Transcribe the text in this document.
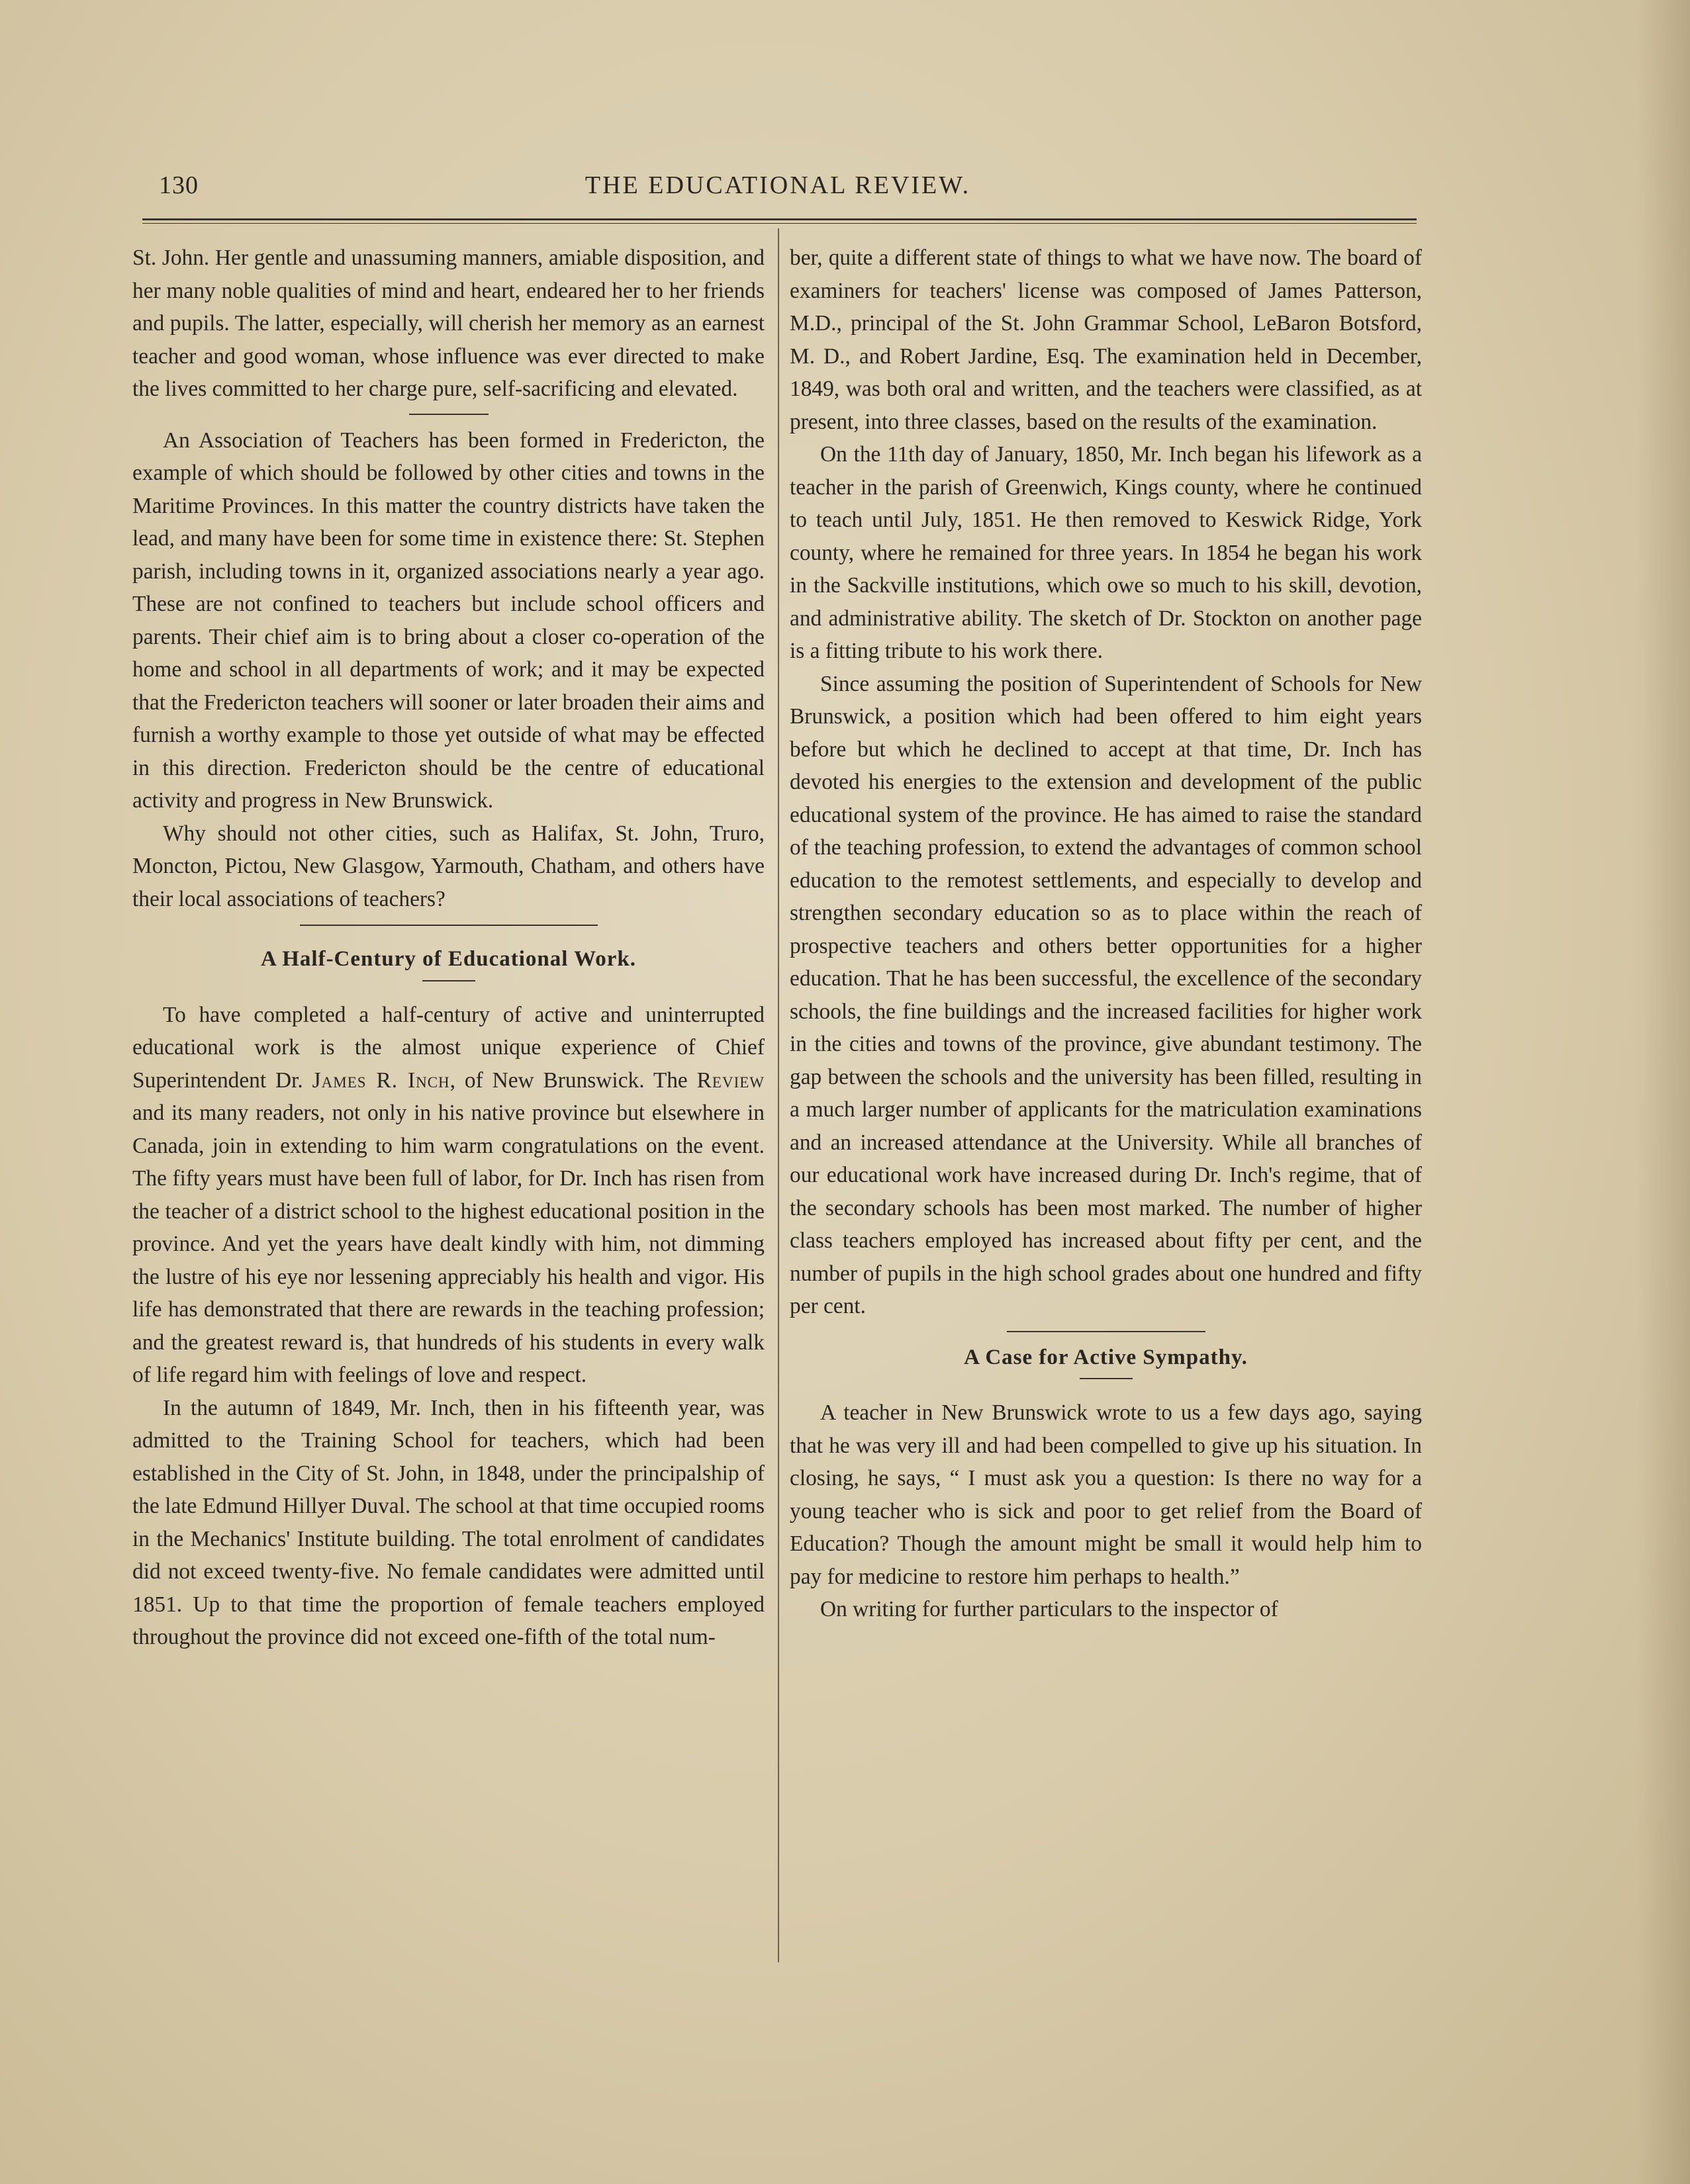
130	THE EDUCATIONAL REVIEW.

St. John. Her gentle and unassuming manners, amiable disposition, and her many noble qualities of mind and heart, endeared her to her friends and pupils. The latter, especially, will cherish her memory as an earnest teacher and good woman, whose influence was ever directed to make the lives committed to her charge pure, self-sacrificing and elevated.

An Association of Teachers has been formed in Fredericton, the example of which should be followed by other cities and towns in the Maritime Provinces. In this matter the country districts have taken the lead, and many have been for some time in existence there: St. Stephen parish, including towns in it, organized associations nearly a year ago. These are not confined to teachers but include school officers and parents. Their chief aim is to bring about a closer co-operation of the home and school in all departments of work; and it may be expected that the Fredericton teachers will sooner or later broaden their aims and furnish a worthy example to those yet outside of what may be effected in this direction. Fredericton should be the centre of educational activity and progress in New Brunswick.

Why should not other cities, such as Halifax, St. John, Truro, Moncton, Pictou, New Glasgow, Yarmouth, Chatham, and others have their local associations of teachers?

A Half-Century of Educational Work.

To have completed a half-century of active and uninterrupted educational work is the almost unique experience of Chief Superintendent Dr. James R. Inch, of New Brunswick. The Review and its many readers, not only in his native province but elsewhere in Canada, join in extending to him warm congratulations on the event. The fifty years must have been full of labor, for Dr. Inch has risen from the teacher of a district school to the highest educational position in the province. And yet the years have dealt kindly with him, not dimming the lustre of his eye nor lessening appreciably his health and vigor. His life has demonstrated that there are rewards in the teaching profession; and the greatest reward is, that hundreds of his students in every walk of life regard him with feelings of love and respect.

In the autumn of 1849, Mr. Inch, then in his fifteenth year, was admitted to the Training School for teachers, which had been established in the City of St. John, in 1848, under the principalship of the late Edmund Hillyer Duval. The school at that time occupied rooms in the Mechanics' Institute building. The total enrolment of candidates did not exceed twenty-five. No female candidates were admitted until 1851. Up to that time the proportion of female teachers employed throughout the province did not exceed one-fifth of the total num-

ber, quite a different state of things to what we have now. The board of examiners for teachers' license was composed of James Patterson, M.D., principal of the St. John Grammar School, LeBaron Botsford, M. D., and Robert Jardine, Esq. The examination held in December, 1849, was both oral and written, and the teachers were classified, as at present, into three classes, based on the results of the examination.

On the 11th day of January, 1850, Mr. Inch began his lifework as a teacher in the parish of Greenwich, Kings county, where he continued to teach until July, 1851. He then removed to Keswick Ridge, York county, where he remained for three years. In 1854 he began his work in the Sackville institutions, which owe so much to his skill, devotion, and administrative ability. The sketch of Dr. Stockton on another page is a fitting tribute to his work there.

Since assuming the position of Superintendent of Schools for New Brunswick, a position which had been offered to him eight years before but which he declined to accept at that time, Dr. Inch has devoted his energies to the extension and development of the public educational system of the province. He has aimed to raise the standard of the teaching profession, to extend the advantages of common school education to the remotest settlements, and especially to develop and strengthen secondary education so as to place within the reach of prospective teachers and others better opportunities for a higher education. That he has been successful, the excellence of the secondary schools, the fine buildings and the increased facilities for higher work in the cities and towns of the province, give abundant testimony. The gap between the schools and the university has been filled, resulting in a much larger number of applicants for the matriculation examinations and an increased attendance at the University. While all branches of our educational work have increased during Dr. Inch's regime, that of the secondary schools has been most marked. The number of higher class teachers employed has increased about fifty per cent, and the number of pupils in the high school grades about one hundred and fifty per cent.

A Case for Active Sympathy.

A teacher in New Brunswick wrote to us a few days ago, saying that he was very ill and had been compelled to give up his situation. In closing, he says, “ I must ask you a question: Is there no way for a young teacher who is sick and poor to get relief from the Board of Education? Though the amount might be small it would help him to pay for medicine to restore him perhaps to health.”

On writing for further particulars to the inspector of
